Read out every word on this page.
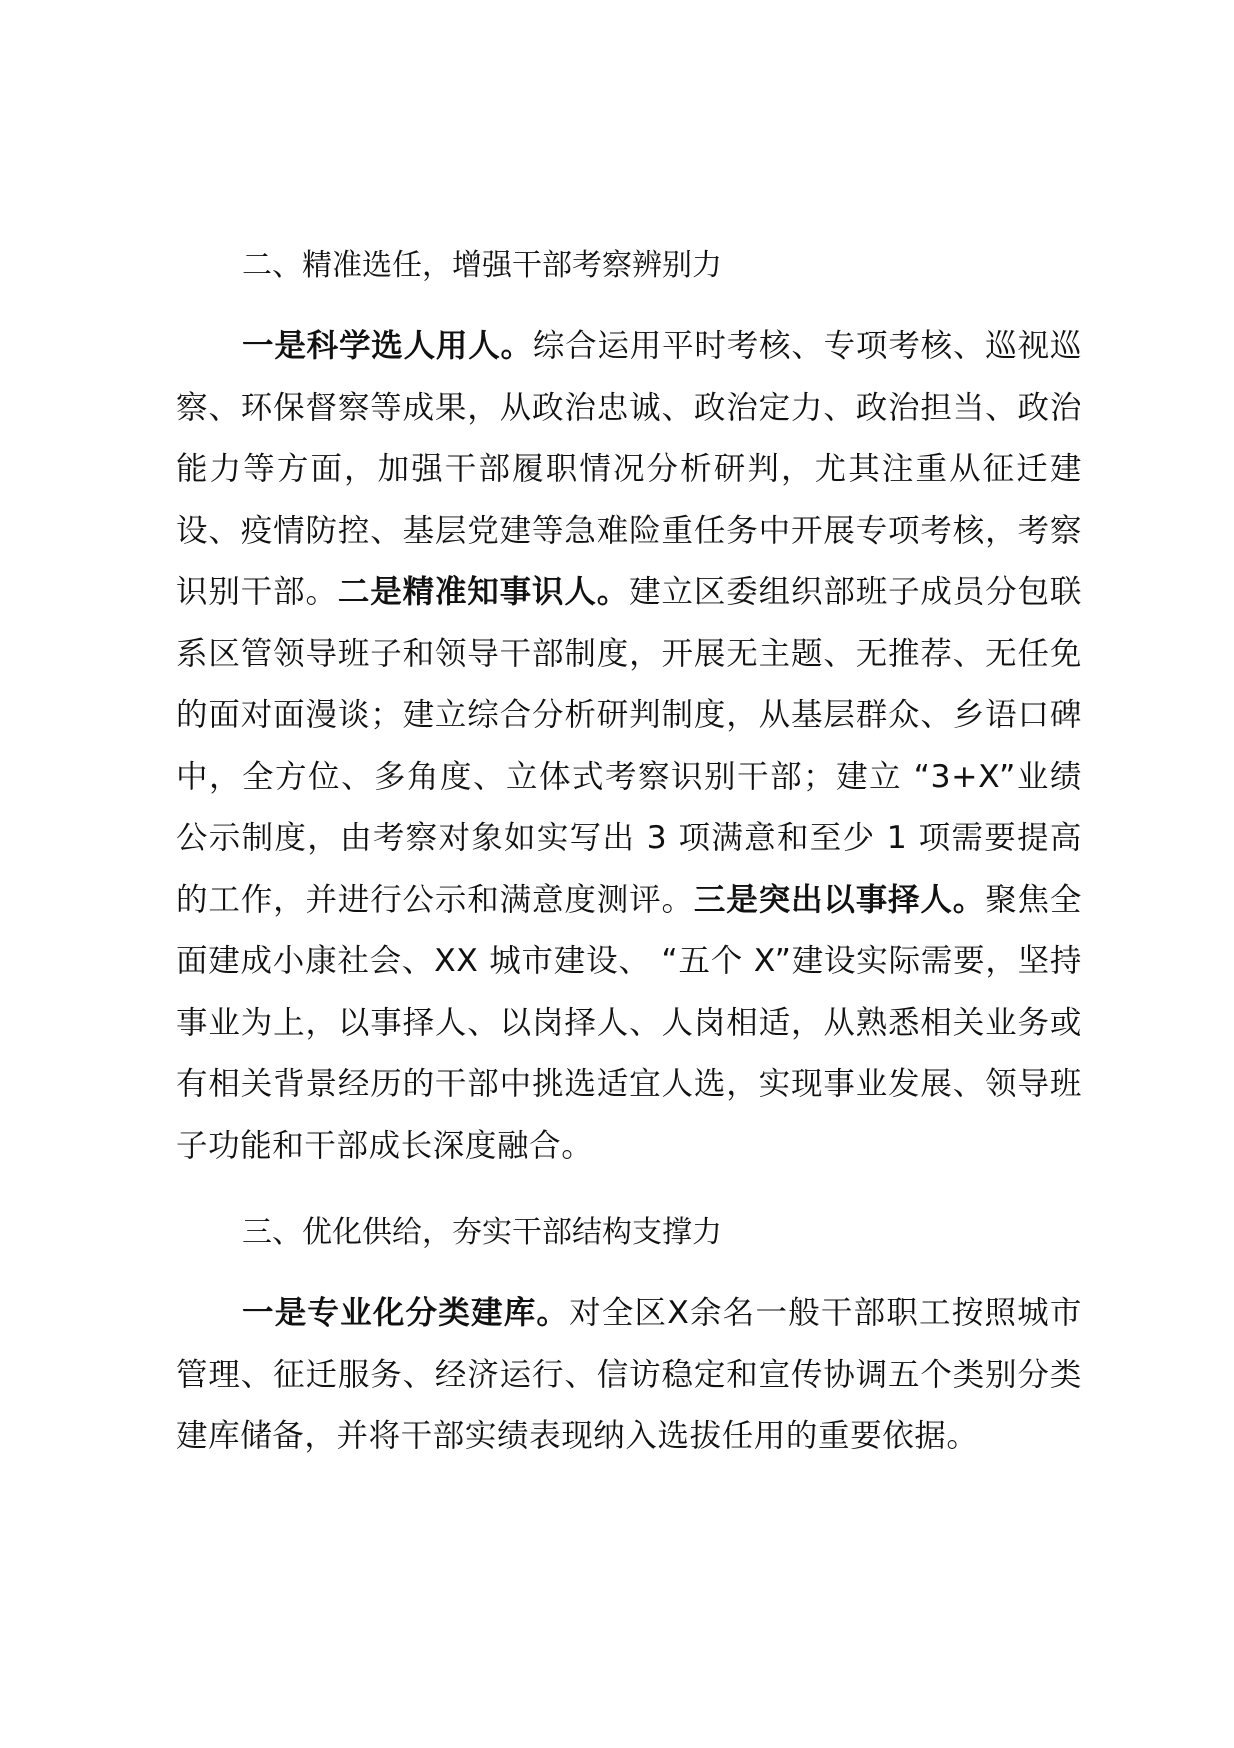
二、精准选任，增强干部考察辨别力

一是科学选人用人。综合运用平时考核、专项考核、巡视巡察、环保督察等成果，从政治忠诚、政治定力、政治担当、政治能力等方面，加强干部履职情况分析研判，尤其注重从征迁建设、疫情防控、基层党建等急难险重任务中开展专项考核，考察识别干部。二是精准知事识人。建立区委组织部班子成员分包联系区管领导班子和领导干部制度，开展无主题、无推荐、无任免的面对面漫谈；建立综合分析研判制度，从基层群众、乡语口碑中，全方位、多角度、立体式考察识别干部；建立 “3+X”业绩公示制度，由考察对象如实写出 3 项满意和至少 1 项需要提高的工作，并进行公示和满意度测评。三是突出以事择人。聚焦全面建成小康社会、XX 城市建设、 “五个 X”建设实际需要，坚持事业为上，以事择人、以岗择人、人岗相适，从熟悉相关业务或有相关背景经历的干部中挑选适宜人选，实现事业发展、领导班子功能和干部成长深度融合。

三、优化供给，夯实干部结构支撑力

一是专业化分类建库。对全区X余名一般干部职工按照城市管理、征迁服务、经济运行、信访稳定和宣传协调五个类别分类建库储备，并将干部实绩表现纳入选拔任用的重要依据。
